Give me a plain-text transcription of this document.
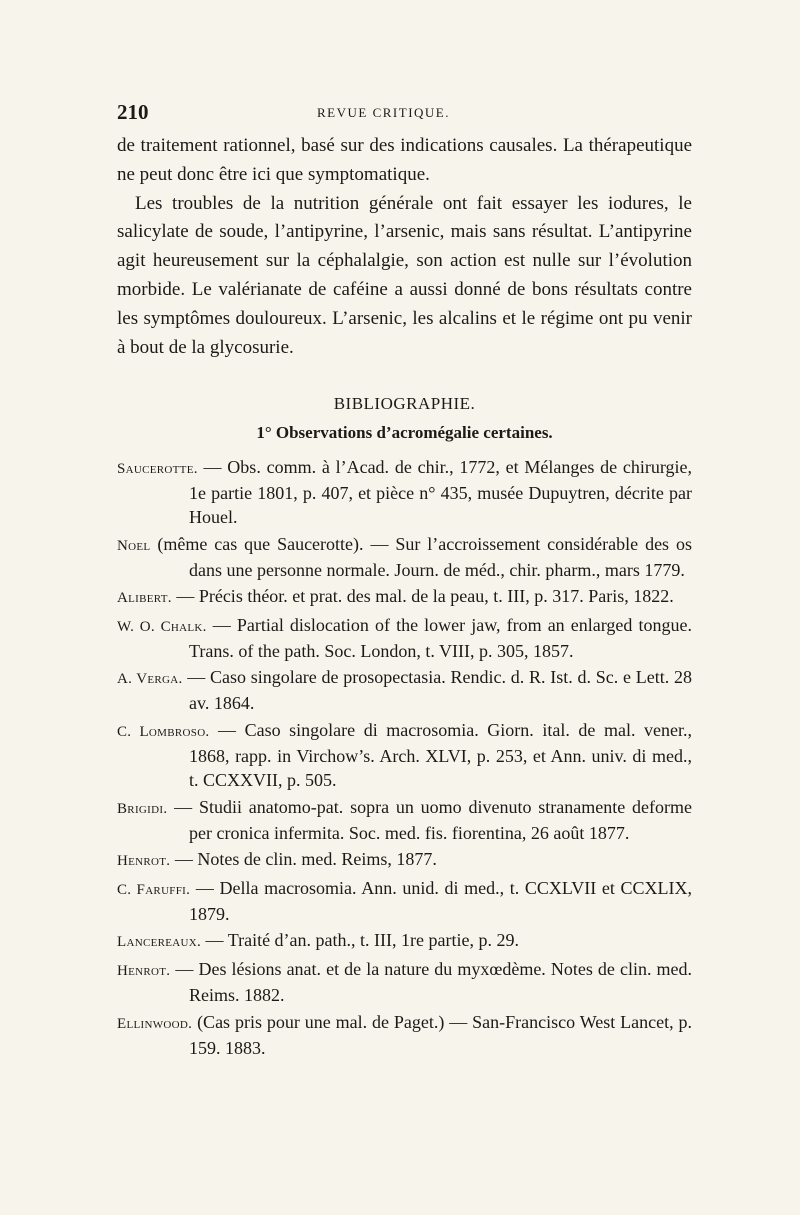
210	REVUE CRITIQUE.

de traitement rationnel, basé sur des indications causales. La thérapeutique ne peut donc être ici que symptomatique.

Les troubles de la nutrition générale ont fait essayer les iodures, le salicylate de soude, l’antipyrine, l’arsenic, mais sans résultat. L’antipyrine agit heureusement sur la céphalalgie, son action est nulle sur l’évolution morbide. Le valérianate de caféine a aussi donné de bons résultats contre les symptômes douloureux. L’arsenic, les alcalins et le régime ont pu venir à bout de la glycosurie.

BIBLIOGRAPHIE.
1° Observations d’acromégalie certaines.
Saucerotte. — Obs. comm. à l’Acad. de chir., 1772, et Mélanges de chirurgie, 1e partie 1801, p. 407, et pièce n° 435, musée Dupuytren, décrite par Houel.
Noel (même cas que Saucerotte). — Sur l’accroissement considérable des os dans une personne normale. Journ. de méd., chir. pharm., mars 1779.
Alibert. — Précis théor. et prat. des mal. de la peau, t. III, p. 317. Paris, 1822.
W. O. Chalk. — Partial dislocation of the lower jaw, from an enlarged tongue. Trans. of the path. Soc. London, t. VIII, p. 305, 1857.
A. Verga. — Caso singolare de prosopectasia. Rendic. d. R. Ist. d. Sc. e Lett. 28 av. 1864.
C. Lombroso. — Caso singolare di macrosomia. Giorn. ital. de mal. vener., 1868, rapp. in Virchow’s. Arch. XLVI, p. 253, et Ann. univ. di med., t. CCXXVII, p. 505.
Brigidi. — Studii anatomo-pat. sopra un uomo divenuto stranamente deforme per cronica infermita. Soc. med. fis. fiorentina, 26 août 1877.
Henrot. — Notes de clin. med. Reims, 1877.
C. Faruffi. — Della macrosomia. Ann. unid. di med., t. CCXLVII et CCXLIX, 1879.
Lancereaux. — Traité d’an. path., t. III, 1re partie, p. 29.
Henrot. — Des lésions anat. et de la nature du myxœdème. Notes de clin. med. Reims. 1882.
Ellinwood. (Cas pris pour une mal. de Paget.) — San-Francisco West Lancet, p. 159. 1883.
